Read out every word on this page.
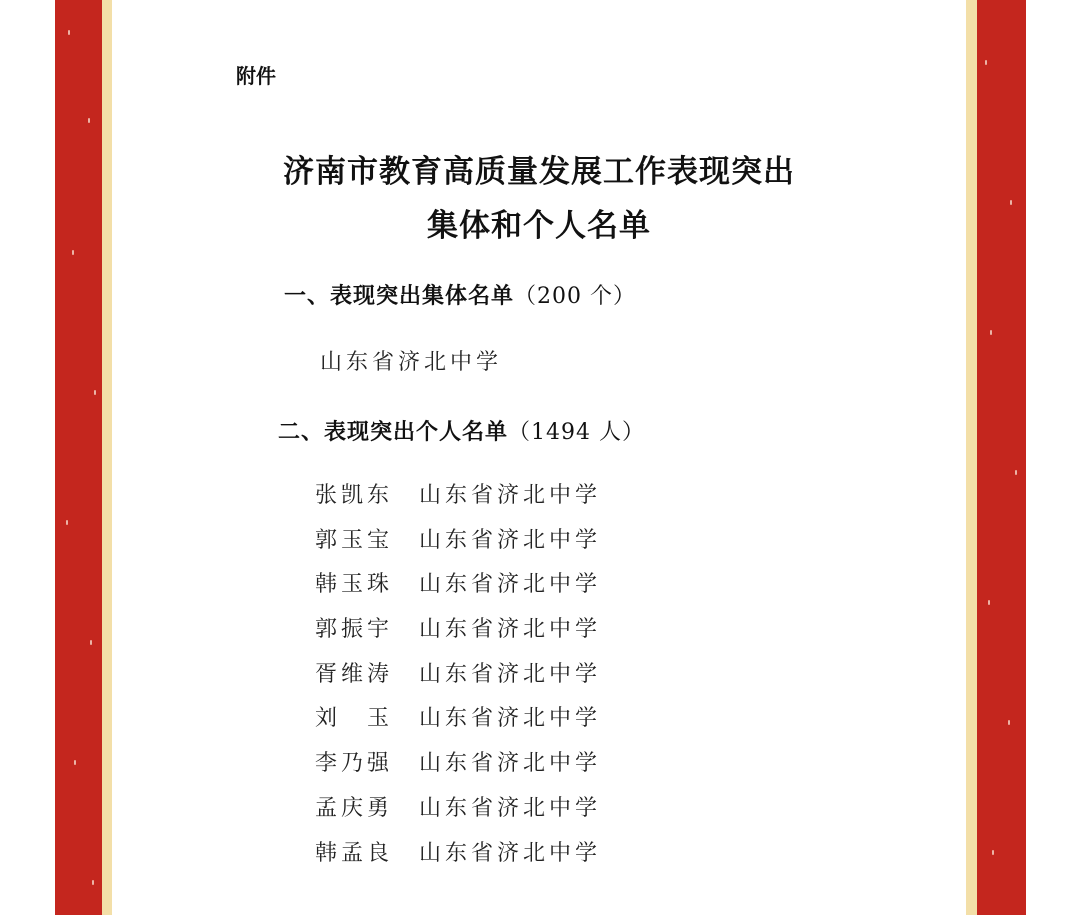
附件
济南市教育高质量发展工作表现突出
集体和个人名单
一、表现突出集体名单（200 个）
山东省济北中学
二、表现突出个人名单（1494 人）
张凯东	山东省济北中学
郭玉宝	山东省济北中学
韩玉珠	山东省济北中学
郭振宇	山东省济北中学
胥维涛	山东省济北中学
刘　玉	山东省济北中学
李乃强	山东省济北中学
孟庆勇	山东省济北中学
韩孟良	山东省济北中学
